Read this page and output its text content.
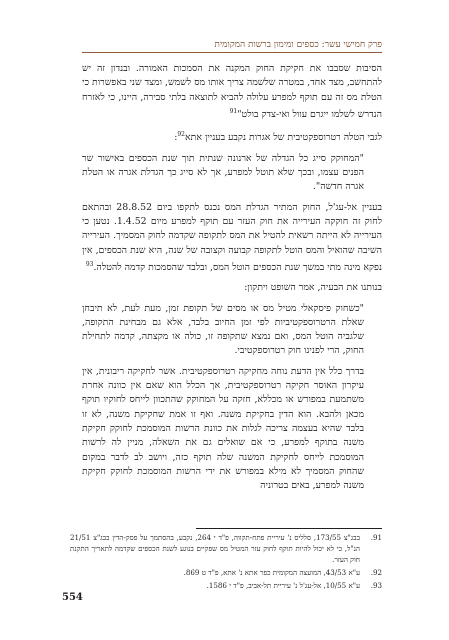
פרק חמישי עשר: כספים ומימון ברשות המקומית

הסיבות שסבבו את חקיקת החוק המקנה את הסמכות האמורה. ובנדון זה יש להתחשב, מצד אחד, במטרה שלשמה צריך אותו מס לשמש, ומצד שני באפשרות כי הטלת מס זה עם תוקף למפרע עלולה להביא לתוצאה בלתי סבירה, היינו, כי לאזרח הנדרש לשלמו ייגרם עוול ואי-צדק בולט"$^{91}$

לגבי הטלה רטרוספקטיבית של אגרות נקבע בעניין אתא$^{92}$:

"המחוקק סייג כל הגדלה של ארנונה שנתית תוך שנת הכספים באישור שר הפנים עצמו, ובכך שלא תוטל למפרע, אך לא סייג כך הגדלת אגרה או הטלת אגרה חדשה".

בעניין אל-עג'ל, החוק המתיר הגדלת המס נכנס לתקפו ביום 28.8.52 ובהתאם לחוק זה חוקקה העירייה את חוק העזר עם תוקף למפרע מיום 1.4.52. נטען כי העירייה לא הייתה רשאית להטיל את המס לתקופה שקדמה לחוק המסמיך. העירייה השיבה שהואיל והמס הוטל לתקופה קבועה וקצובה של שנה, היא שנת הכספים, אין נפקא מינה מתי במשך שנת הכספים הוטל המס, ובלבד שהסמכות קדמה להטלה.$^{93}$

בנותנו את הבעיה, אמר השופט ויתקון:

"כשחוק פיסקאלי מטיל מס או מסים של תקופת זמן, מעת לעת, לא תיבחן שאלת הרטרוספקטיביות לפי זמן החיוב בלבד, אלא גם מבחינת התקופה, שלגביה הוטל המס, ואם נמצא שתקופה זו, כולה או מקצתה, קדמה לתחילת החוק, הרי לפנינו חוק רטרוספקטיבי.

בדרך כלל אין הדעת נוחה מחקיקה רטרוספקטיבית. אשר לחקיקה ריבונית, אין עיקרון האוסר חקיקה רטרוספקטיבית, אך הכלל הוא שאם אין כוונה אחרת משתמעת במפורש או מכללא, חזקה על המחוקק שהתכוון לייחס לחוקיו תוקף מכאן ולהבא. הוא הדין בחקיקת משנה. ואף זו אמת שחקיקת משנה, לא זו בלבד שהיא בעצמה צריכה לגלות את כוונת הרשות המוסמכת לחוקק חקיקת משנה בתוקף למפרע, כי אם שואלים גם את השאלה, מניין לה לרשות המוסמכת לייחס לחקיקת המשנה שלה תוקף כזה, ויושב לב לדבר במקום שהחוק המסמיך לא מילא במפורש את ידי הרשות המוסמכת לחוקק חקיקת משנה למפרע, באים בטרוניה

91.
בבג"צ 173/55, סלליס נ' עיריית פתח-תקווה, פ"ד י 264, נקבע, בהסתמך על פסק-הדין בבג"צ 21/51 הנ"ל, כי לא יכול להיות תוקף לחוק עזר המטיל מס שפקיים בנוגע לשנת הכספים שקדמה לתאריך התקנת חוק העזר.
92.
ע"א 43/53, המועצה המקומית כפר אתא נ' אתא, פ"ד ט 869.
93.
ע"א 10/55, אל-עג'ל נ' עיריית תל-אביב, פ"ד י 1586.
554
